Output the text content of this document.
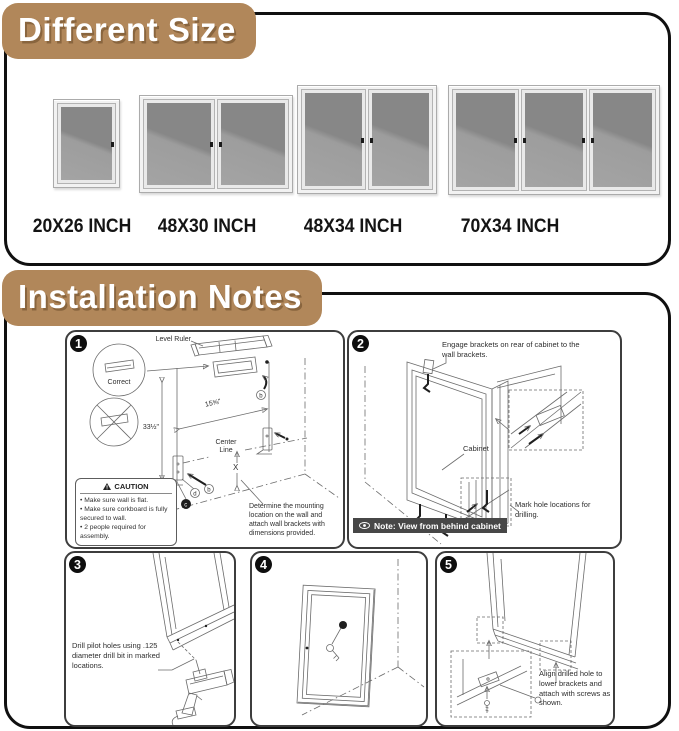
Different Size
20X26 INCH 48X30 INCH 48X34 INCH	70X34 INCH
Installation Notes
1
b
d
b
c
Level Ruler
Correct
33½"
15⅝"
Center Line
X
CAUTION
• Make sure wall is flat.
• Make sure corkboard is fully secured to wall.
• 2 people required for assembly.
Determine the mounting location on the wall and attach wall brackets with dimensions provided.
2	Engage brackets on rear of cabinet to the wall brackets.
Cabinet
Mark hole locations for drilling.
Note: View from behind cabinet
3
Drill pilot holes using .125 diameter drill bit in marked locations.
4	5
Align drilled hole to lower brackets and attach with screws as shown.
